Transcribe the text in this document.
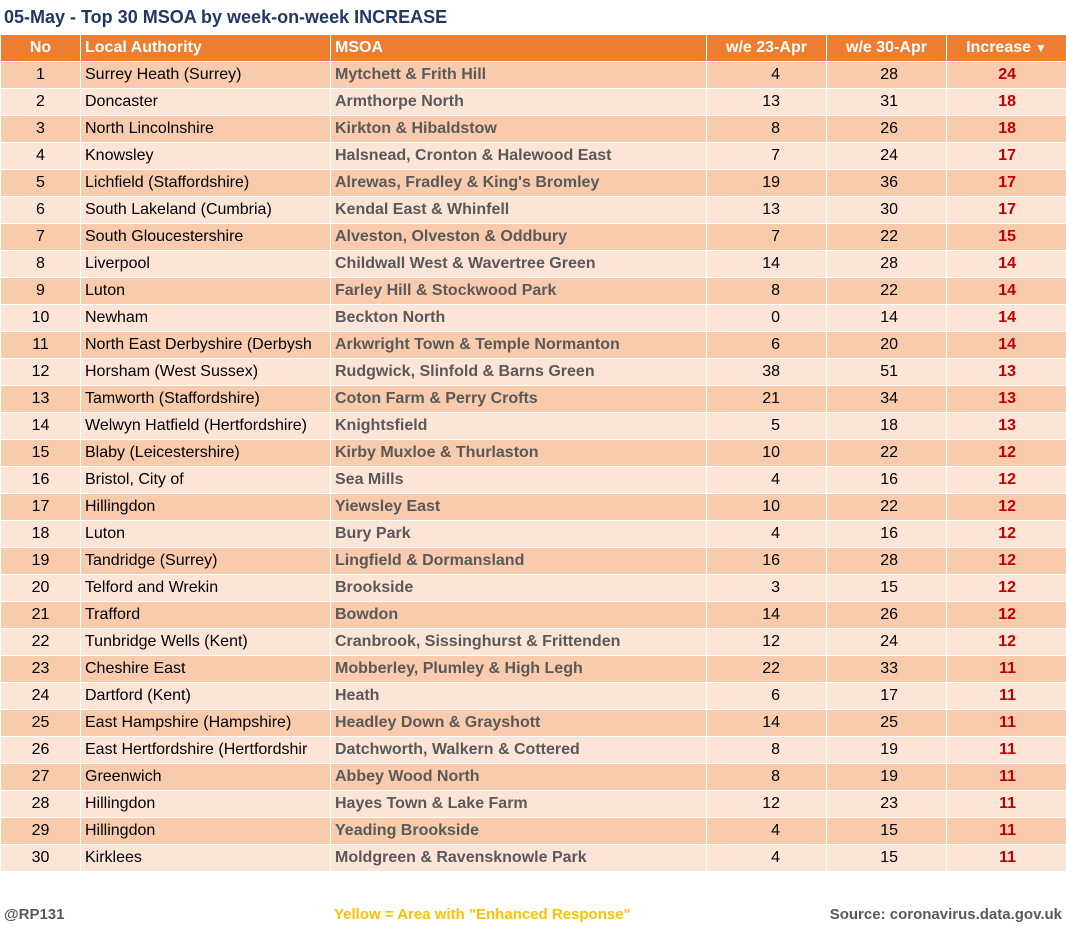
05-May - Top 30 MSOA by week-on-week INCREASE
No	Local Authority	MSOA	w/e 23-Apr	w/e 30-Apr	Increase ▼
1	Surrey Heath (Surrey)	Mytchett & Frith Hill	4	28	24
2	Doncaster	Armthorpe North	13	31	18
3	North Lincolnshire	Kirkton & Hibaldstow	8	26	18
4	Knowsley	Halsnead, Cronton & Halewood East	7	24	17
5	Lichfield (Staffordshire)	Alrewas, Fradley & King's Bromley	19	36	17
6	South Lakeland (Cumbria)	Kendal East & Whinfell	13	30	17
7	South Gloucestershire	Alveston, Olveston & Oddbury	7	22	15
8	Liverpool	Childwall West & Wavertree Green	14	28	14
9	Luton	Farley Hill & Stockwood Park	8	22	14
10	Newham	Beckton North	0	14	14
11	North East Derbyshire (Derbysh	Arkwright Town & Temple Normanton	6	20	14
12	Horsham (West Sussex)	Rudgwick, Slinfold & Barns Green	38	51	13
13	Tamworth (Staffordshire)	Coton Farm & Perry Crofts	21	34	13
14	Welwyn Hatfield (Hertfordshire)	Knightsfield	5	18	13
15	Blaby (Leicestershire)	Kirby Muxloe & Thurlaston	10	22	12
16	Bristol, City of	Sea Mills	4	16	12
17	Hillingdon	Yiewsley East	10	22	12
18	Luton	Bury Park	4	16	12
19	Tandridge (Surrey)	Lingfield & Dormansland	16	28	12
20	Telford and Wrekin	Brookside	3	15	12
21	Trafford	Bowdon	14	26	12
22	Tunbridge Wells (Kent)	Cranbrook, Sissinghurst & Frittenden	12	24	12
23	Cheshire East	Mobberley, Plumley & High Legh	22	33	11
24	Dartford (Kent)	Heath	6	17	11
25	East Hampshire (Hampshire)	Headley Down & Grayshott	14	25	11
26	East Hertfordshire (Hertfordshir	Datchworth, Walkern & Cottered	8	19	11
27	Greenwich	Abbey Wood North	8	19	11
28	Hillingdon	Hayes Town & Lake Farm	12	23	11
29	Hillingdon	Yeading Brookside	4	15	11
30	Kirklees	Moldgreen & Ravensknowle Park	4	15	11
@RP131	Yellow = Area with "Enhanced Response"	Source: coronavirus.data.gov.uk
